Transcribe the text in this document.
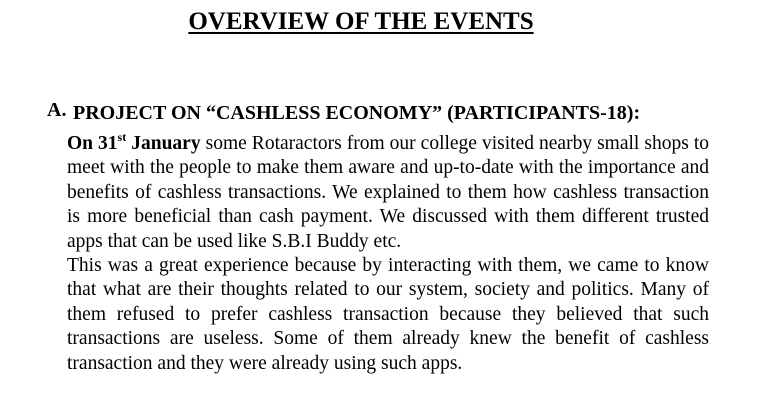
OVERVIEW OF THE EVENTS
A. PROJECT ON “CASHLESS ECONOMY” (PARTICIPANTS-18):

On 31st January some Rotaractors from our college visited nearby small shops to meet with the people to make them aware and up-to-date with the importance and benefits of cashless transactions. We explained to them how cashless transaction is more beneficial than cash payment. We discussed with them different trusted apps that can be used like S.B.I Buddy etc.

This was a great experience because by interacting with them, we came to know that what are their thoughts related to our system, society and politics. Many of them refused to prefer cashless transaction because they believed that such transactions are useless. Some of them already knew the benefit of cashless transaction and they were already using such apps.
